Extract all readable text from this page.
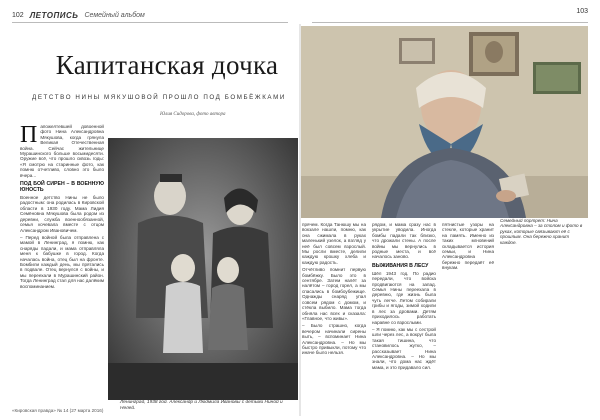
102 ЛЕТОПИСЬ Семейный альбом	103
Капитанская дочка
ДЕТСТВО НИНЫ МЯКУШОВОЙ ПРОШЛО ПОД БОМБЁЖКАМИ
Юлия Сидорова, фото автора
П апожелтевшей довоенной фото Нина Александровна Мякушова, когда грянула Великая Отечественная война. Сейчас жительнице Мурашинского больше восьмидесяти. Оружие всё, что прошло сквозь годы: «Я смотрю на старинные фото, как помню отчетливо, словно это было вчера...

ПОД БОЙ СИРЕН – В ВОЕННУЮ ЮНОСТЬ

Военное детство Нины не было радостным: она родилась в Кировской области в 1930 году. Мама Лидия Семёновна Мякушова была родом из деревни, служба военнообязанной, семья кочевала вместе с отцом Александром Ивановичем.

– Перед войной была отправлена с мамой в Ленинград, я помню, как снаряды падали, и мама отправляла меня к бабушке в город. Когда началась война, отец был на фронте. Бомбили каждый день, мы прятались в подвале. Отец вернулся с войны, и мы переехали в Мурашинский район. Тогда Ленинград стал для нас далёким воспоминанием.

Ленинград, 1938 год. Александр и Людмила Ивановы с детьми Ниной и Нелей.

прячем. Когда Танюшу мы на вокзале нашли, помню, как она сжимала в руках маленький узелок, а взгляд у неё был совсем взрослый. Мы росли вместе, делили каждую крошку хлеба и каждую радость.

Отчётливо помнит первую бомбёжку. Было это в сентябре. Затем налёт за налётом – город горел, а мы спасались в бомбоубежище. Однажды снаряд упал совсем рядом с домом, и стёкла выбило. Мама тогда обняла нас всех и сказала: «Главное, что живы».

– Было страшно, когда вечером начинали сирены выть, – вспоминает Нина Александровна. – Но мы быстро привыкли, потому что иначе было нельзя.

рядом, и мама сразу нас в укрытие уводила. Иногда бомбы падали так близко, что дрожали стены. А после войны мы вернулись в родные места, и всё началось заново.

ВЫЖИВАНИЯ В ЛЕСУ

Шёл 1943 год. По радио передали, что войска продвигаются на запад. Семья Нины переехала в деревню, где жизнь была чуть легче. Летом собирали грибы и ягоды, зимой ходили в лес за дровами. Детям приходилось работать наравне со взрослыми.

– Я помню, как мы с сестрой шли через лес, а вокруг была такая тишина, что становилось жутко, – рассказывает Нина Александровна. – Но мы знали, что дома нас ждёт мама, и это придавало сил.

пятнистые узоры на стекле, которые хранит на память. Именно из таких мгновений складывается история семьи, и Нина Александровна бережно передаёт её внукам.

Семейный портрет: Нина Александровна – за столом и фото в руках, которые связывают её с прошлым. Она бережно хранит каждое.
«Кировская правда» № 14 (27 марта 2016)
